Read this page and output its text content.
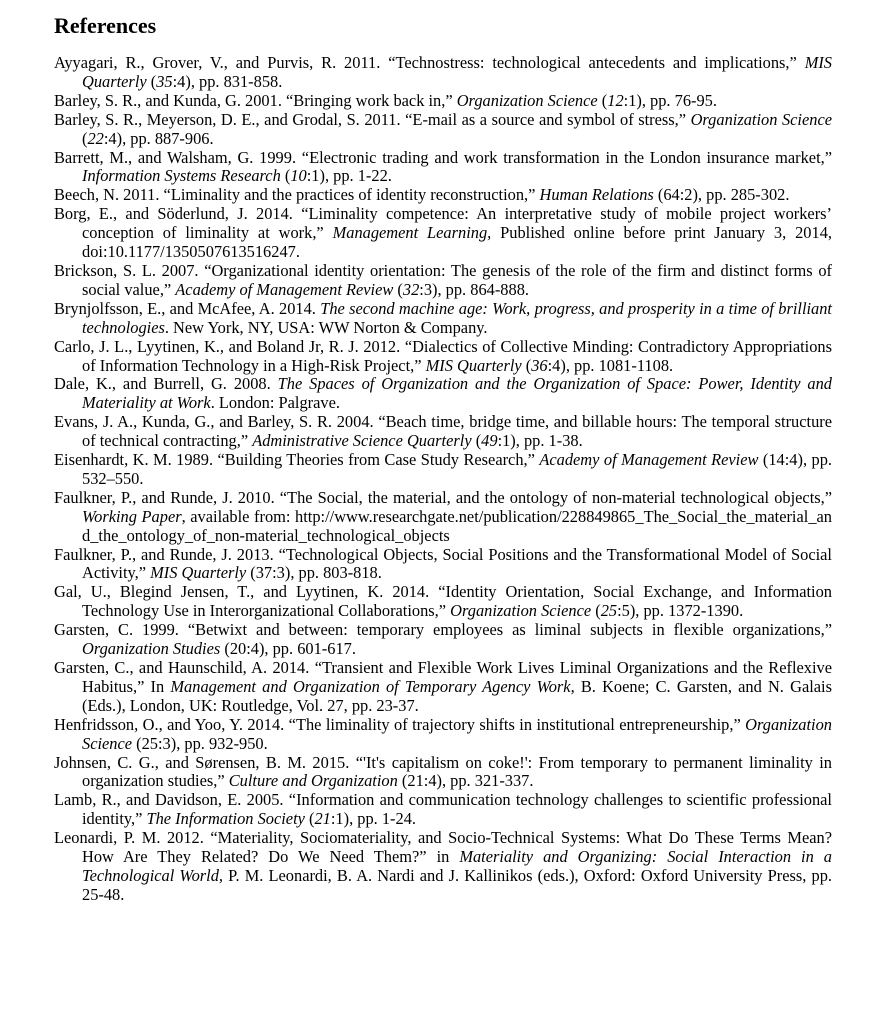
References
Ayyagari, R., Grover, V., and Purvis, R. 2011. “Technostress: technological antecedents and implications,” MIS Quarterly (35:4), pp. 831-858.
Barley, S. R., and Kunda, G. 2001. “Bringing work back in,” Organization Science (12:1), pp. 76-95.
Barley, S. R., Meyerson, D. E., and Grodal, S. 2011. “E-mail as a source and symbol of stress,” Organization Science (22:4), pp. 887-906.
Barrett, M., and Walsham, G. 1999. “Electronic trading and work transformation in the London insurance market,” Information Systems Research (10:1), pp. 1-22.
Beech, N. 2011. “Liminality and the practices of identity reconstruction,” Human Relations (64:2), pp. 285-302.
Borg, E., and Söderlund, J. 2014. “Liminality competence: An interpretative study of mobile project workers’ conception of liminality at work,” Management Learning, Published online before print January 3, 2014, doi:10.1177/1350507613516247.
Brickson, S. L. 2007. “Organizational identity orientation: The genesis of the role of the firm and distinct forms of social value,” Academy of Management Review (32:3), pp. 864-888.
Brynjolfsson, E., and McAfee, A. 2014. The second machine age: Work, progress, and prosperity in a time of brilliant technologies. New York, NY, USA: WW Norton & Company.
Carlo, J. L., Lyytinen, K., and Boland Jr, R. J. 2012. “Dialectics of Collective Minding: Contradictory Appropriations of Information Technology in a High-Risk Project,” MIS Quarterly (36:4), pp. 1081-1108.
Dale, K., and Burrell, G. 2008. The Spaces of Organization and the Organization of Space: Power, Identity and Materiality at Work. London: Palgrave.
Evans, J. A., Kunda, G., and Barley, S. R. 2004. “Beach time, bridge time, and billable hours: The temporal structure of technical contracting,” Administrative Science Quarterly (49:1), pp. 1-38.
Eisenhardt, K. M. 1989. “Building Theories from Case Study Research,” Academy of Management Review (14:4), pp. 532–550.
Faulkner, P., and Runde, J. 2010. “The Social, the material, and the ontology of non-material technological objects,” Working Paper, available from: http://www.researchgate.net/publication/228849865_The_Social_the_material_and_the_ontology_of_non-material_technological_objects
Faulkner, P., and Runde, J. 2013. “Technological Objects, Social Positions and the Transformational Model of Social Activity,” MIS Quarterly (37:3), pp. 803-818.
Gal, U., Blegind Jensen, T., and Lyytinen, K. 2014. “Identity Orientation, Social Exchange, and Information Technology Use in Interorganizational Collaborations,” Organization Science (25:5), pp. 1372-1390.
Garsten, C. 1999. “Betwixt and between: temporary employees as liminal subjects in flexible organizations,” Organization Studies (20:4), pp. 601-617.
Garsten, C., and Haunschild, A. 2014. “Transient and Flexible Work Lives Liminal Organizations and the Reflexive Habitus,” In Management and Organization of Temporary Agency Work, B. Koene; C. Garsten, and N. Galais (Eds.), London, UK: Routledge, Vol. 27, pp. 23-37.
Henfridsson, O., and Yoo, Y. 2014. “The liminality of trajectory shifts in institutional entrepreneurship,” Organization Science (25:3), pp. 932-950.
Johnsen, C. G., and Sørensen, B. M. 2015. “'It's capitalism on coke!': From temporary to permanent liminality in organization studies,” Culture and Organization (21:4), pp. 321-337.
Lamb, R., and Davidson, E. 2005. “Information and communication technology challenges to scientific professional identity,” The Information Society (21:1), pp. 1-24.
Leonardi, P. M. 2012. “Materiality, Sociomateriality, and Socio-Technical Systems: What Do These Terms Mean? How Are They Related? Do We Need Them?” in Materiality and Organizing: Social Interaction in a Technological World, P. M. Leonardi, B. A. Nardi and J. Kallinikos (eds.), Oxford: Oxford University Press, pp. 25-48.
